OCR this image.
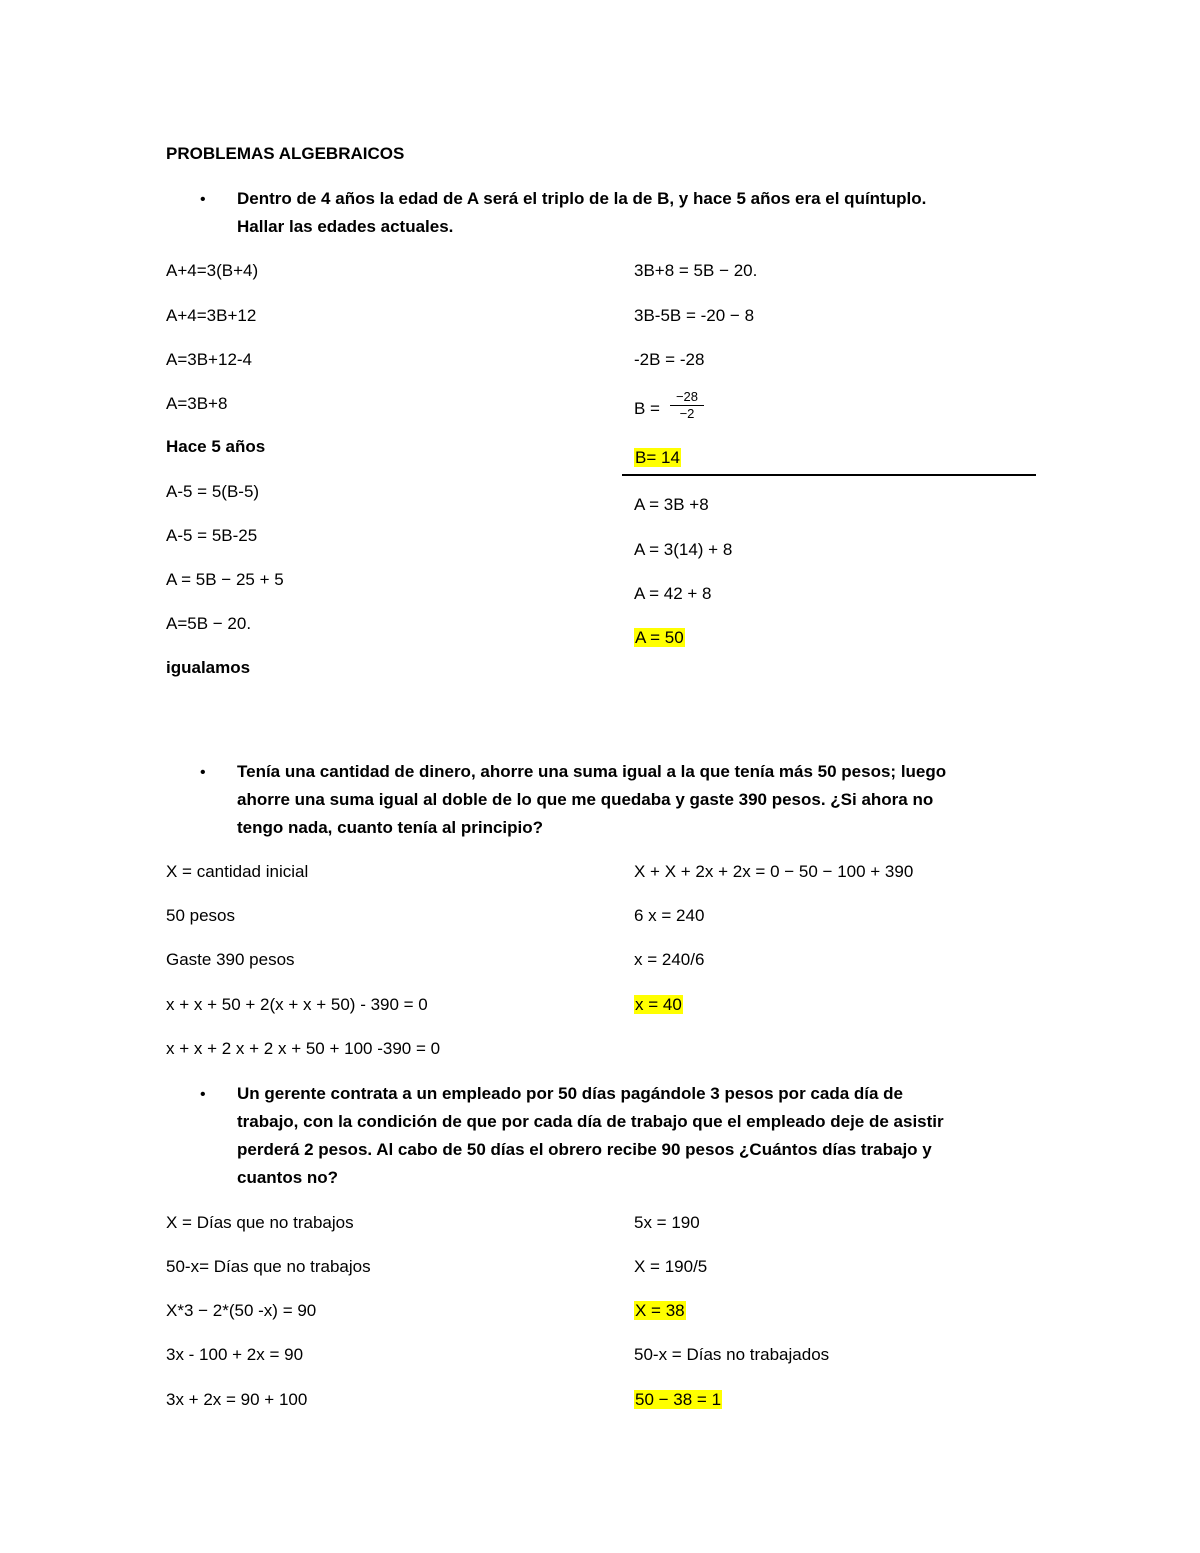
PROBLEMAS ALGEBRAICOS
• Dentro de 4 años la edad de A será el triplo de la de B, y hace 5 años era el quíntuplo.
Hallar las edades actuales.
A+4=3(B+4)
A+4=3B+12
A=3B+12-4
A=3B+8
Hace 5 años
A-5 = 5(B-5)
A-5 = 5B-25
A = 5B − 25 + 5
A=5B − 20.
igualamos
3B+8 = 5B − 20.
3B-5B = -20 − 8
-2B = -28
$B = \frac{-28}{-2}$
B= 14
A = 3B +8
A = 3(14) + 8
A = 42 + 8
A = 50
• Tenía una cantidad de dinero, ahorre una suma igual a la que tenía más 50 pesos; luego
ahorre una suma igual al doble de lo que me quedaba y gaste 390 pesos. ¿Si ahora no
tengo nada, cuanto tenía al principio?
X = cantidad inicial
50 pesos
Gaste 390 pesos
x + x + 50 + 2(x + x + 50) - 390 = 0
x + x + 2 x + 2 x + 50 + 100 -390 = 0
X + X + 2x + 2x = 0 − 50 − 100 + 390
6 x = 240
x = 240/6
x = 40
• Un gerente contrata a un empleado por 50 días pagándole 3 pesos por cada día de
trabajo, con la condición de que por cada día de trabajo que el empleado deje de asistir
perderá 2 pesos. Al cabo de 50 días el obrero recibe 90 pesos ¿Cuántos días trabajo y
cuantos no?
X = Días que no trabajos
50-x= Días que no trabajos
X*3 − 2*(50 -x) = 90
3x - 100 + 2x = 90
3x + 2x = 90 + 100
5x = 190
X = 190/5
X = 38
50-x = Días no trabajados
50 − 38 = 1
